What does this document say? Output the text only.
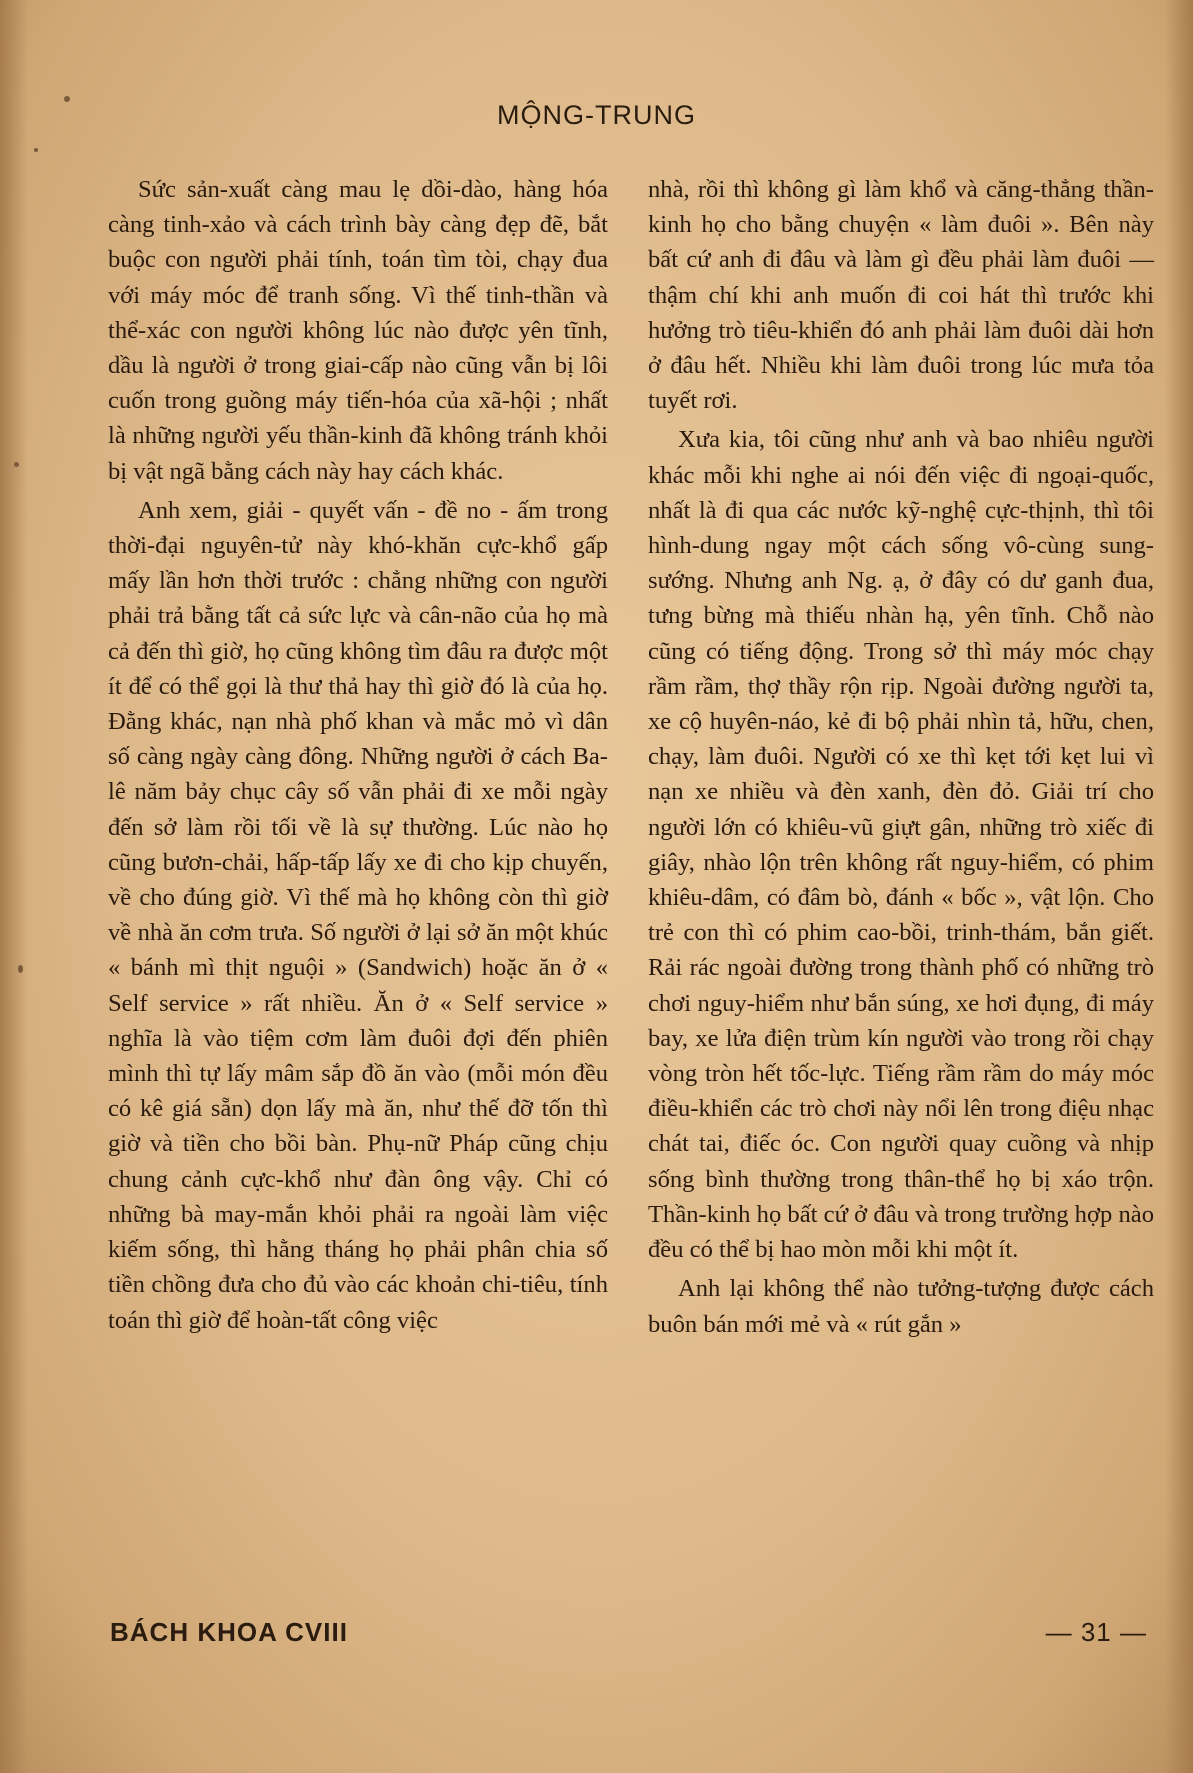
MỘNG-TRUNG

Sức sản-xuất càng mau lẹ dồi-dào, hàng hóa càng tinh-xảo và cách trình bày càng đẹp đẽ, bắt buộc con người phải tính, toán tìm tòi, chạy đua với máy móc để tranh sống. Vì thế tinh-thần và thể-xác con người không lúc nào được yên tĩnh, dầu là người ở trong giai-cấp nào cũng vẫn bị lôi cuốn trong guồng máy tiến-hóa của xã-hội ; nhất là những người yếu thần-kinh đã không tránh khỏi bị vật ngã bằng cách này hay cách khác.

Anh xem, giải - quyết vấn - đề no - ấm trong thời-đại nguyên-tử này khó-khăn cực-khổ gấp mấy lần hơn thời trước : chẳng những con người phải trả bằng tất cả sức lực và cân-não của họ mà cả đến thì giờ, họ cũng không tìm đâu ra được một ít để có thể gọi là thư thả hay thì giờ đó là của họ. Đằng khác, nạn nhà phố khan và mắc mỏ vì dân số càng ngày càng đông. Những người ở cách Ba-lê năm bảy chục cây số vẫn phải đi xe mỗi ngày đến sở làm rồi tối về là sự thường. Lúc nào họ cũng bươn-chải, hấp-tấp lấy xe đi cho kịp chuyến, về cho đúng giờ. Vì thế mà họ không còn thì giờ về nhà ăn cơm trưa. Số người ở lại sở ăn một khúc « bánh mì thịt nguội » (Sandwich) hoặc ăn ở « Self service » rất nhiều. Ăn ở « Self service » nghĩa là vào tiệm cơm làm đuôi đợi đến phiên mình thì tự lấy mâm sắp đồ ăn vào (mỗi món đều có kê giá sẵn) dọn lấy mà ăn, như thế đỡ tốn thì giờ và tiền cho bồi bàn. Phụ-nữ Pháp cũng chịu chung cảnh cực-khổ như đàn ông vậy. Chỉ có những bà may-mắn khỏi phải ra ngoài làm việc kiếm sống, thì hằng tháng họ phải phân chia số tiền chồng đưa cho đủ vào các khoản chi-tiêu, tính toán thì giờ để hoàn-tất công việc

nhà, rồi thì không gì làm khổ và căng-thẳng thần-kinh họ cho bằng chuyện « làm đuôi ». Bên này bất cứ anh đi đâu và làm gì đều phải làm đuôi — thậm chí khi anh muốn đi coi hát thì trước khi hưởng trò tiêu-khiển đó anh phải làm đuôi dài hơn ở đâu hết. Nhiều khi làm đuôi trong lúc mưa tỏa tuyết rơi.

Xưa kia, tôi cũng như anh và bao nhiêu người khác mỗi khi nghe ai nói đến việc đi ngoại-quốc, nhất là đi qua các nước kỹ-nghệ cực-thịnh, thì tôi hình-dung ngay một cách sống vô-cùng sung-sướng. Nhưng anh Ng. ạ, ở đây có dư ganh đua, tưng bừng mà thiếu nhàn hạ, yên tĩnh. Chỗ nào cũng có tiếng động. Trong sở thì máy móc chạy rầm rầm, thợ thầy rộn rịp. Ngoài đường người ta, xe cộ huyên-náo, kẻ đi bộ phải nhìn tả, hữu, chen, chạy, làm đuôi. Người có xe thì kẹt tới kẹt lui vì nạn xe nhiều và đèn xanh, đèn đỏ. Giải trí cho người lớn có khiêu-vũ giựt gân, những trò xiếc đi giây, nhào lộn trên không rất nguy-hiểm, có phim khiêu-dâm, có đâm bò, đánh « bốc », vật lộn. Cho trẻ con thì có phim cao-bồi, trinh-thám, bắn giết. Rải rác ngoài đường trong thành phố có những trò chơi nguy-hiểm như bắn súng, xe hơi đụng, đi máy bay, xe lửa điện trùm kín người vào trong rồi chạy vòng tròn hết tốc-lực. Tiếng rầm rầm do máy móc điều-khiển các trò chơi này nổi lên trong điệu nhạc chát tai, điếc óc. Con người quay cuồng và nhịp sống bình thường trong thân-thể họ bị xáo trộn. Thần-kinh họ bất cứ ở đâu và trong trường hợp nào đều có thể bị hao mòn mỗi khi một ít.

Anh lại không thể nào tưởng-tượng được cách buôn bán mới mẻ và « rút gắn »

BÁCH KHOA CVIII	— 31 —
